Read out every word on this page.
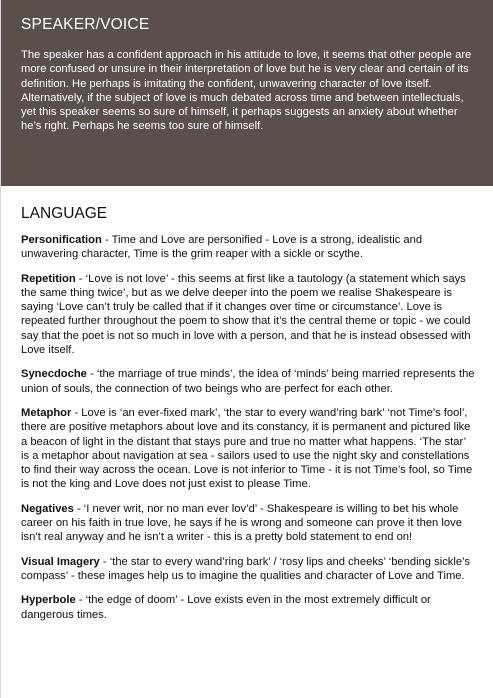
SPEAKER/VOICE

The speaker has a confident approach in his attitude to love, it seems that other people are more confused or unsure in their interpretation of love but he is very clear and certain of its definition. He perhaps is imitating the confident, unwavering character of love itself. Alternatively, if the subject of love is much debated across time and between intellectuals, yet this speaker seems so sure of himself, it perhaps suggests an anxiety about whether he’s right. Perhaps he seems too sure of himself.

LANGUAGE

Personification - Time and Love are personified - Love is a strong, idealistic and unwavering character, Time is the grim reaper with a sickle or scythe.

Repetition - ‘Love is not love’ - this seems at first like a tautology (a statement which says the same thing twice’, but as we delve deeper into the poem we realise Shakespeare is saying ‘Love can’t truly be called that if it changes over time or circumstance’. Love is repeated further throughout the poem to show that it’s the central theme or topic - we could say that the poet is not so much in love with a person, and that he is instead obsessed with Love itself.

Synecdoche - ‘the marriage of true minds’, the idea of ‘minds’ being married represents the union of souls, the connection of two beings who are perfect for each other.

Metaphor - Love is ‘an ever-fixed mark’, ‘the star to every wand’ring bark’ ‘not Time’s fool’, there are positive metaphors about love and its constancy, it is permanent and pictured like a beacon of light in the distant that stays pure and true no matter what happens. ‘The star’ is a metaphor about navigation at sea - sailors used to use the night sky and constellations to find their way across the ocean. Love is not inferior to Time - it is not Time’s fool, so Time is not the king and Love does not just exist to please Time.

Negatives - ‘I never writ, nor no man ever lov’d’ - Shakespeare is willing to bet his whole career on his faith in true love, he says if he is wrong and someone can prove it then love isn’t real anyway and he isn’t a writer - this is a pretty bold statement to end on!

Visual Imagery - ‘the star to every wand’ring bark’ / ‘rosy lips and cheeks’ ‘bending sickle’s compass’ - these images help us to imagine the qualities and character of Love and Time.

Hyperbole - ‘the edge of doom’ - Love exists even in the most extremely difficult or dangerous times.
